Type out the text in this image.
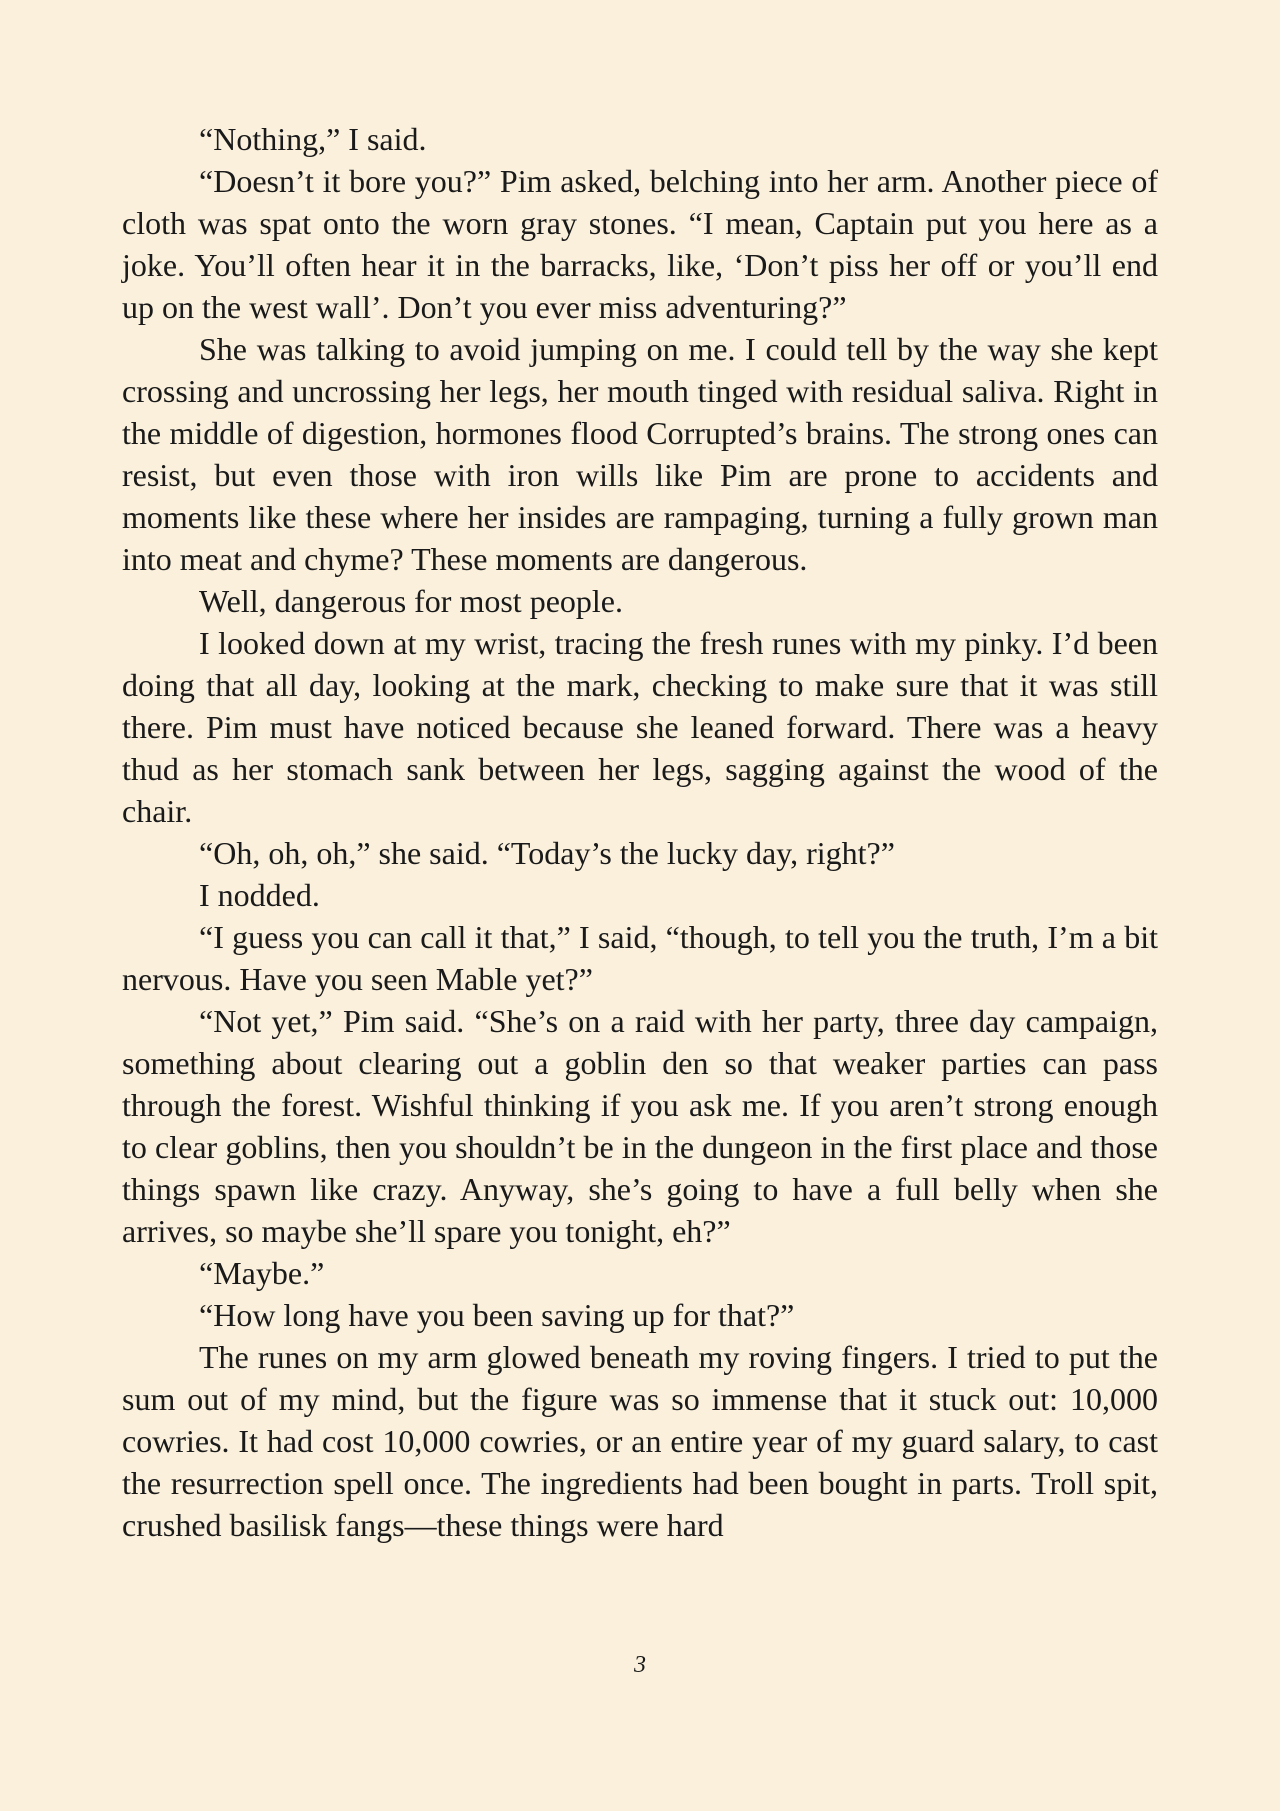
“Nothing,” I said.

“Doesn’t it bore you?” Pim asked, belching into her arm. Another piece of cloth was spat onto the worn gray stones. “I mean, Captain put you here as a joke. You’ll often hear it in the barracks, like, ‘Don’t piss her off or you’ll end up on the west wall’. Don’t you ever miss adventuring?”

She was talking to avoid jumping on me. I could tell by the way she kept crossing and uncrossing her legs, her mouth tinged with residual saliva. Right in the middle of digestion, hormones flood Corrupted’s brains. The strong ones can resist, but even those with iron wills like Pim are prone to accidents and moments like these where her insides are rampaging, turning a fully grown man into meat and chyme? These moments are dangerous.

Well, dangerous for most people.

I looked down at my wrist, tracing the fresh runes with my pinky. I’d been doing that all day, looking at the mark, checking to make sure that it was still there. Pim must have noticed because she leaned forward. There was a heavy thud as her stomach sank between her legs, sagging against the wood of the chair.

“Oh, oh, oh,” she said. “Today’s the lucky day, right?”

I nodded.

“I guess you can call it that,” I said, “though, to tell you the truth, I’m a bit nervous. Have you seen Mable yet?”

“Not yet,” Pim said. “She’s on a raid with her party, three day campaign, something about clearing out a goblin den so that weaker parties can pass through the forest. Wishful thinking if you ask me. If you aren’t strong enough to clear goblins, then you shouldn’t be in the dungeon in the first place and those things spawn like crazy. Anyway, she’s going to have a full belly when she arrives, so maybe she’ll spare you tonight, eh?”

“Maybe.”

“How long have you been saving up for that?”

The runes on my arm glowed beneath my roving fingers. I tried to put the sum out of my mind, but the figure was so immense that it stuck out: 10,000 cowries. It had cost 10,000 cowries, or an entire year of my guard salary, to cast the resurrection spell once. The ingredients had been bought in parts. Troll spit, crushed basilisk fangs—these things were hard

3
